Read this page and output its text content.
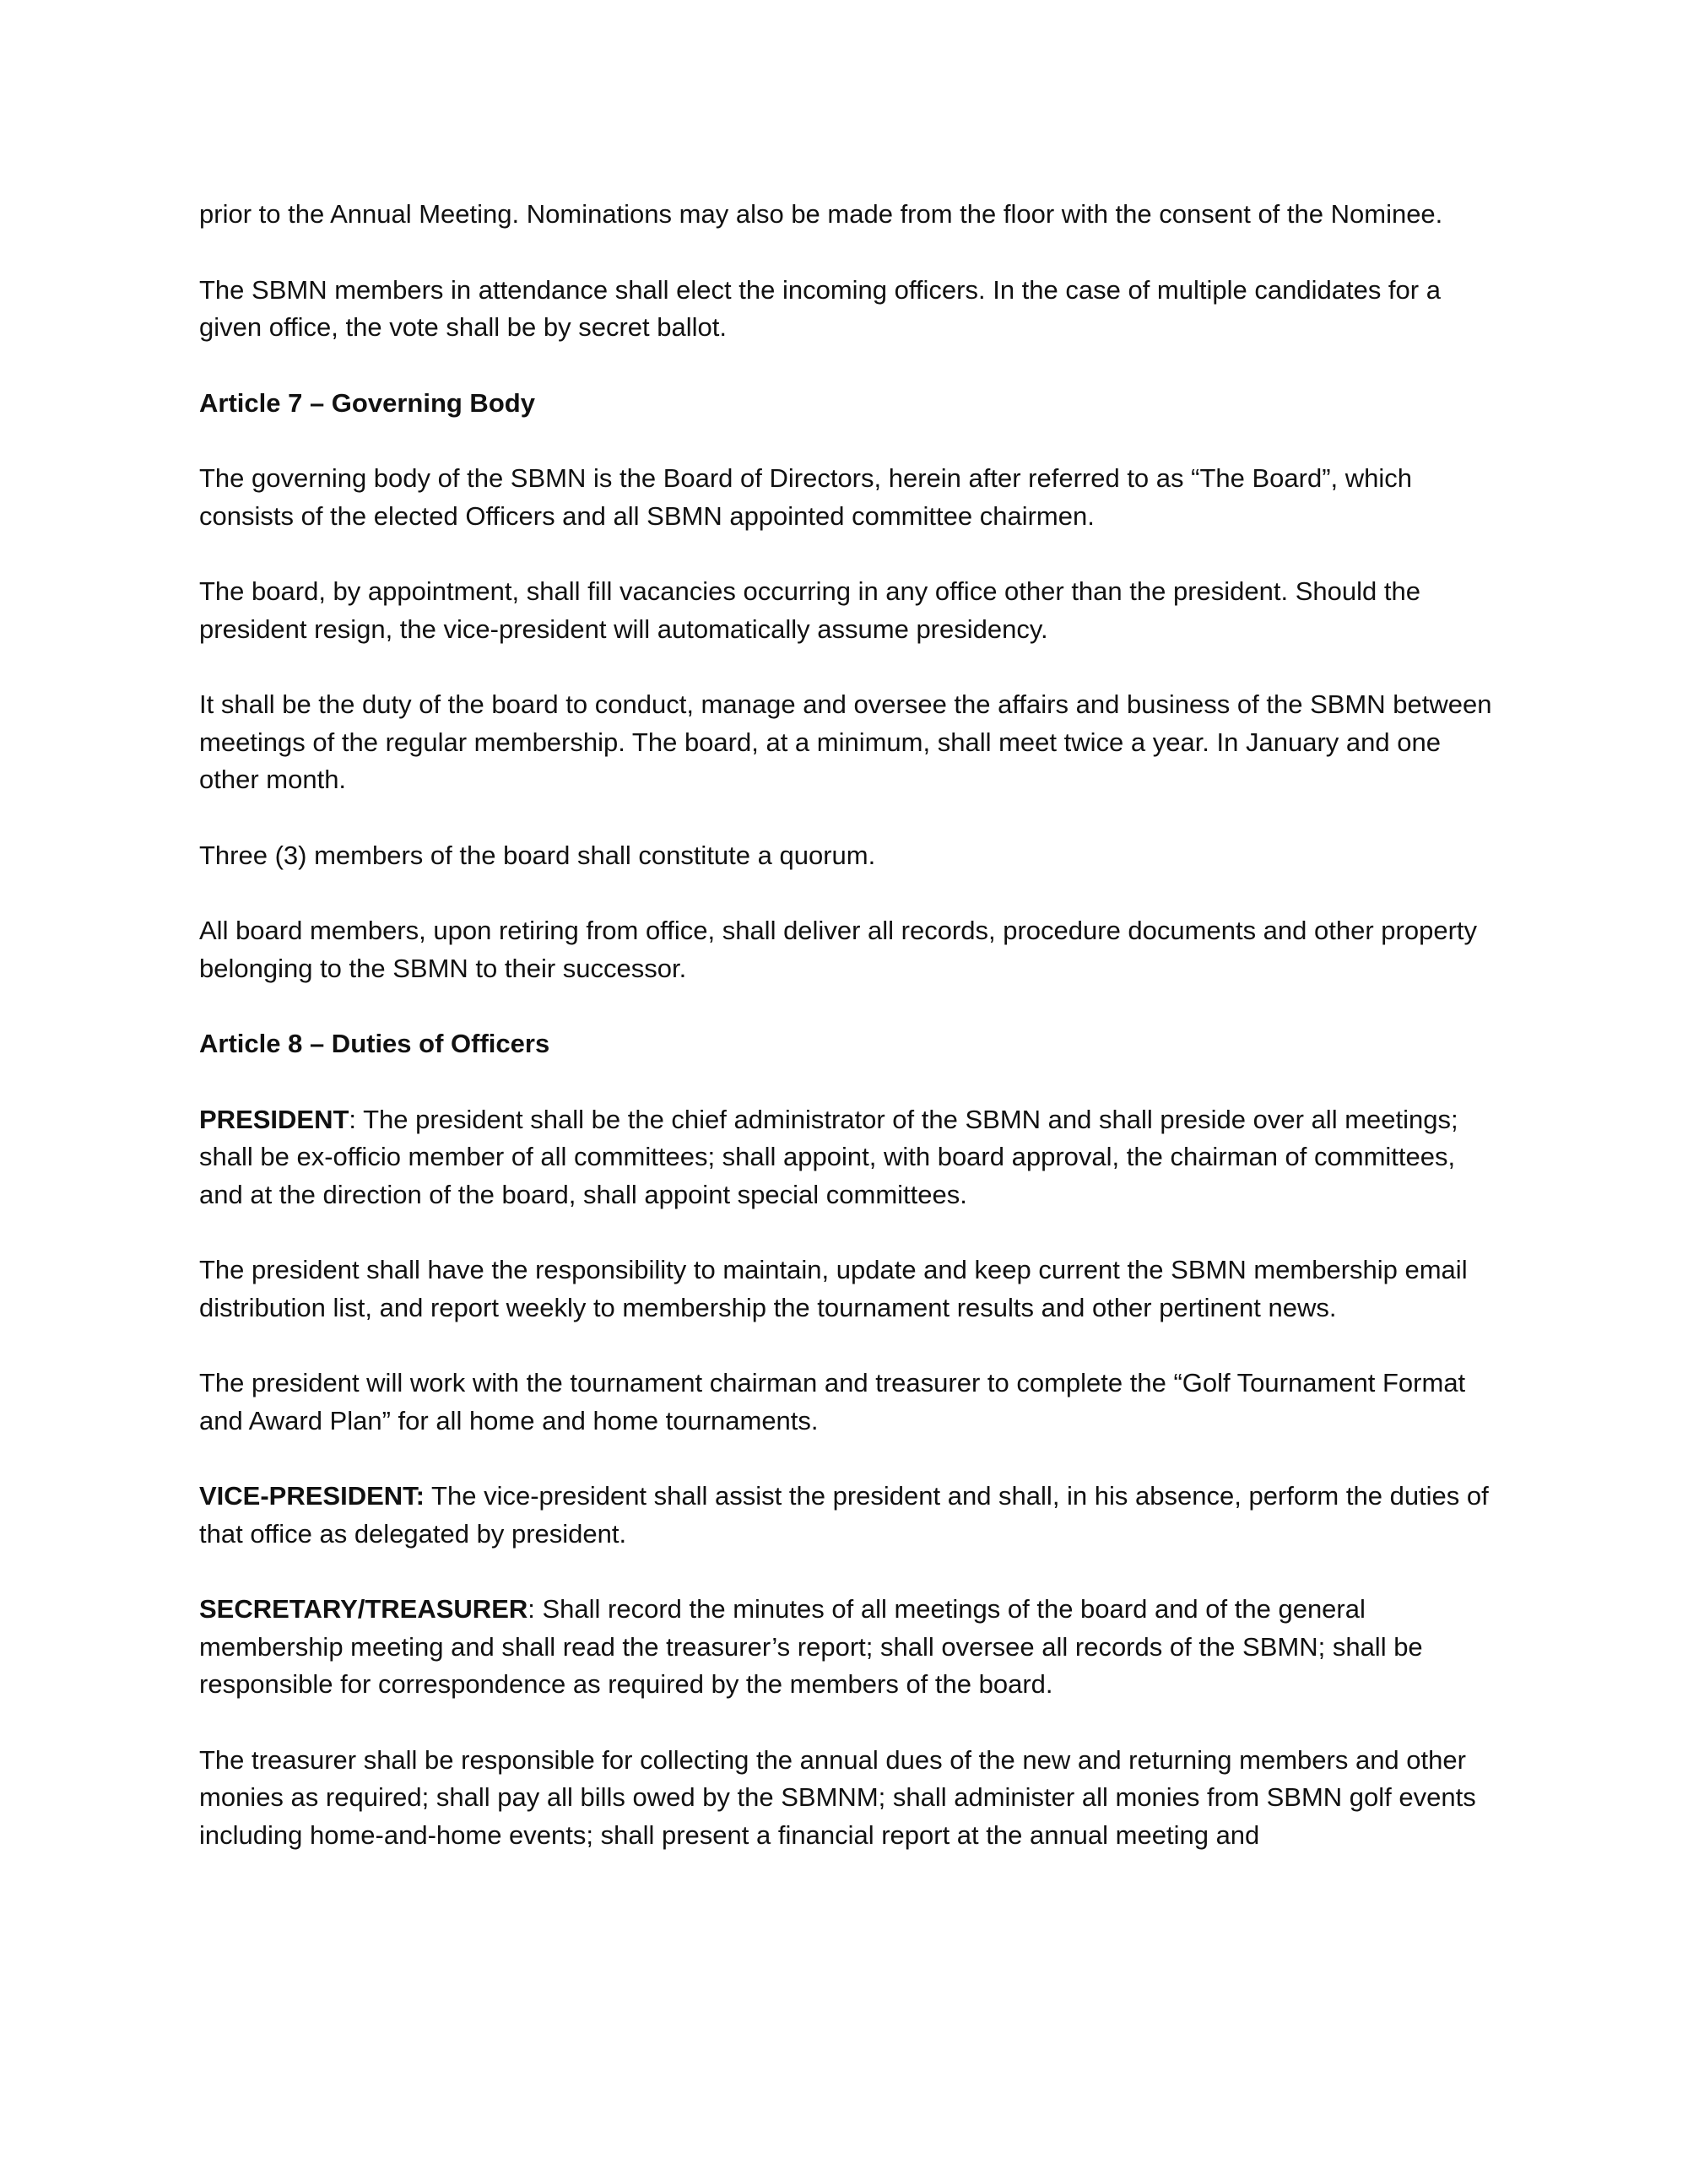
prior to the Annual Meeting. Nominations may also be made from the floor with the consent of the Nominee.

The SBMN members in attendance shall elect the incoming officers. In the case of multiple candidates for a given office, the vote shall be by secret ballot.

Article 7 – Governing Body

The governing body of the SBMN is the Board of Directors, herein after referred to as “The Board”, which consists of the elected Officers and all SBMN appointed committee chairmen.

The board, by appointment, shall fill vacancies occurring in any office other than the president. Should the president resign, the vice-president will automatically assume presidency.

It shall be the duty of the board to conduct, manage and oversee the affairs and business of the SBMN between meetings of the regular membership. The board, at a minimum, shall meet twice a year. In January and one other month.

Three (3) members of the board shall constitute a quorum.

All board members, upon retiring from office, shall deliver all records, procedure documents and other property belonging to the SBMN to their successor.

Article 8 – Duties of Officers

PRESIDENT: The president shall be the chief administrator of the SBMN and shall preside over all meetings; shall be ex-officio member of all committees; shall appoint, with board approval, the chairman of committees, and at the direction of the board, shall appoint special committees.

The president shall have the responsibility to maintain, update and keep current the SBMN membership email distribution list, and report weekly to membership the tournament results and other pertinent news.

The president will work with the tournament chairman and treasurer to complete the “Golf Tournament Format and Award Plan” for all home and home tournaments.

VICE-PRESIDENT: The vice-president shall assist the president and shall, in his absence, perform the duties of that office as delegated by president.

SECRETARY/TREASURER: Shall record the minutes of all meetings of the board and of the general membership meeting and shall read the treasurer’s report; shall oversee all records of the SBMN; shall be responsible for correspondence as required by the members of the board.

The treasurer shall be responsible for collecting the annual dues of the new and returning members and other monies as required; shall pay all bills owed by the SBMNM; shall administer all monies from SBMN golf events including home-and-home events; shall present a financial report at the annual meeting and
